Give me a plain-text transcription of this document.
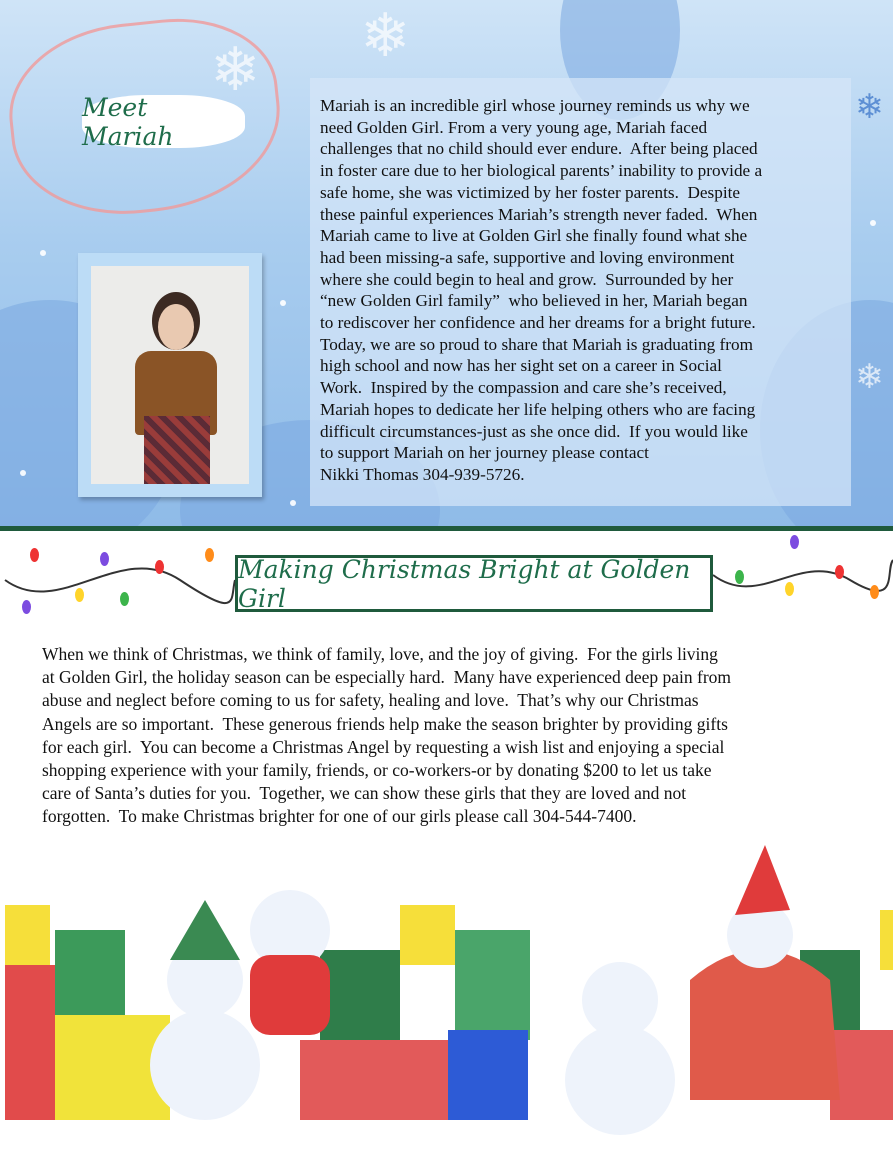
❄ ❄
❄
❄
Meet Mariah

Mariah is an incredible girl whose journey reminds us why we
need Golden Girl. From a very young age, Mariah faced
challenges that no child should ever endure.  After being placed
in foster care due to her biological parents’ inability to provide a
safe home, she was victimized by her foster parents.  Despite
these painful experiences Mariah’s strength never faded.  When
Mariah came to live at Golden Girl she finally found what she
had been missing-a safe, supportive and loving environment
where she could begin to heal and grow.  Surrounded by her
“new Golden Girl family”  who believed in her, Mariah began
to rediscover her confidence and her dreams for a bright future.
Today, we are so proud to share that Mariah is graduating from
high school and now has her sight set on a career in Social
Work.  Inspired by the compassion and care she’s received,
Mariah hopes to dedicate her life helping others who are facing
difficult circumstances-just as she once did.  If you would like
to support Mariah on her journey please contact
Nikki Thomas 304-939-5726.

Making Christmas Bright at Golden Girl
When we think of Christmas, we think of family, love, and the joy of giving.  For the girls living
at Golden Girl, the holiday season can be especially hard.  Many have experienced deep pain from
abuse and neglect before coming to us for safety, healing and love.  That’s why our Christmas
Angels are so important.  These generous friends help make the season brighter by providing gifts
for each girl.  You can become a Christmas Angel by requesting a wish list and enjoying a special
shopping experience with your family, friends, or co-workers-or by donating $200 to let us take
care of Santa’s duties for you.  Together, we can show these girls that they are loved and not
forgotten.  To make Christmas brighter for one of our girls please call 304-544-7400.
